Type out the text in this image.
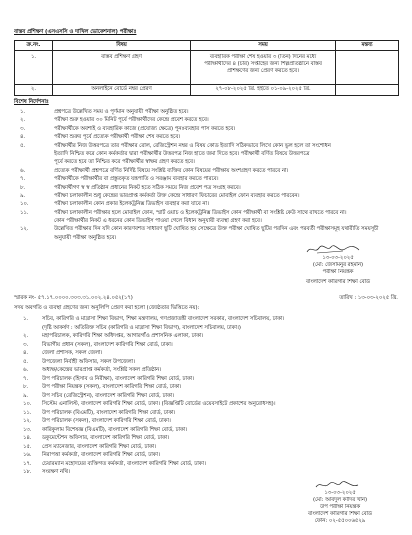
বাস্তব প্রশিক্ষণ (এসএসসি ও দাখিল ভোকেশনাল) পরীক্ষাঃ
ক্র.নং.	বিষয়	সময়	মন্তব্য
১.	বাস্তব প্রশিক্ষণ গ্রহণ	ব্যবহারিক পরীক্ষা শেষ হওয়ার ৩ (তিন) দিনের মধ্যে
পরীক্ষার্থীদের ৪ (চার) সপ্তাহের জন্য শিল্পপ্রতিষ্ঠানে বাস্তব
প্রশিক্ষণের জন্য প্রেরণ করতে হবে।	

২.	অনলাইনে বোর্ডে নম্বর প্রেরণ	২৭-০৮-২০২৫ খ্রি. হইতে ০১-০৯-২০২৫ খ্রি.	

বিশেষ নির্দেশনাঃ
১.	প্রশ্নপত্রে উল্লেখিত সময় ও পূর্ণমান অনুযায়ী পরীক্ষা অনুষ্ঠিত হবে।
২.	পরীক্ষা শুরু হওয়ার ৩০ মিনিট পূর্বে পরীক্ষার্থীদের কেন্দ্রে প্রবেশ করতে হবে।
৩.	পরীক্ষার্থীকে অবশ্যই ও ব্যবহারিক কাজে (প্রযোজ্য ক্ষেত্রে) পুনঃব্যবহার পাস করতে হবে।
৪.	পরীক্ষা শুরুর পূর্বে প্রত্যেক পরীক্ষার্থী পরীক্ষা শেষ করতে হবে।
৫.	পরীক্ষার্থীর নিজ উত্তরপত্রে তার পরীক্ষার রোল, রেজিস্ট্রেশন নম্বর ও বিষয় কোড ইত্যাদি সঠিকভাবে লিখে কোন ভুল হলে তা সংশোধন
ইত্যাদি নিশ্চিত করে কোন কর্মকর্তার দ্বারা পরীক্ষার্থীর উত্তরপত্র নিজ হাতে জমা দিতে হবে। পরীক্ষার্থী বর্ণিত বিষয়ে উত্তরপত্রে
পূর্বে করতে হবে তা নিশ্চিত করে পরীক্ষার্থীর স্বাক্ষর গ্রহণ করতে হবে।
৬.	প্রত্যেক পরীক্ষার্থী প্রশ্নপত্রে বর্ণিত নির্দিষ্ট বিষয়ে সংশ্লিষ্ট ব্যক্তির কোন বিষয়ের পরীক্ষায় অংশগ্রহণ করতে পারবে না।
৭.	পরীক্ষার্থীকে পরীক্ষার্থীর বা প্রস্তুতকৃত যন্ত্রপাতি ও সরঞ্জাম ব্যবহার করতে পারবে।
৮.	পরীক্ষার্থীগণ স্ব স্ব প্রতিষ্ঠান প্রধানের নিকট হতে সঠিক সময়ে নিজ প্রবেশ পত্র সংগ্রহ করবে।
৯.	পরীক্ষা চলাকালীন শুধু কেন্দ্রের ভারপ্রাপ্ত কর্মকর্তা উক্ত কেন্দ্রে সাধারণ ফিচারের মোবাইল ফোন ব্যবহার করতে পারবেন।
১০.	পরীক্ষা চলাকালীন কোন প্রকার ইলেকট্রনিক্স ডিভাইস ব্যবহার করা যাবে না।
১১.	পরীক্ষা চলাকালীন পরীক্ষার হলে মোবাইল ফোন, স্মার্ট ওয়াচ ও ইলেকট্রনিক্স ডিভাইস কোন পরীক্ষার্থী বা সংশ্লিষ্ট কেউ সাথে রাখতে পারবে না।
কোন পরীক্ষার্থীর নিকট এ ধরনের কোন ডিভাইস পাওয়া গেলে বিধান অনুযায়ী ব্যবস্থা গ্রহণ করা হবে।
১২.	উল্লেখিত পরীক্ষার দিন যদি কোন কারণবশত সাধারণ ছুটি ঘোষিত হয় সেক্ষেত্রে উক্ত পরীক্ষা ঘোষিত ছুটির পরদিন এবং পরবর্তী পরীক্ষাসমূহ যথারীতি সময়সূচী
অনুযায়ী পরীক্ষা অনুষ্ঠিত হবে।
১৩-০৩-২০২৫
(মো: জেসমিনুর রহমান)
পরীক্ষা নিয়ন্ত্রক
বাংলাদেশ কারিগরি শিক্ষা বোর্ড
স্মারক নং- ৫৭.১৭.০০০০.৩০৩.৩১.০০২.২৪.০৫২(১৭)	তারিখ : ১৩-০৩-২০২৫ খ্রি.
সদয় অবগতি ও ব্যবস্থা গ্রহণের জন্য অনুলিপি প্রেরণ করা হলো (জ্যেষ্ঠতার ভিত্তিতে নয়):
১.	সচিব, কারিগরি ও মাদ্রাসা শিক্ষা বিভাগ, শিক্ষা মন্ত্রণালয়, গণপ্রজাতন্ত্রী বাংলাদেশ সরকার, বাংলাদেশ সচিবালয়, ঢাকা।
(দৃষ্টি আকর্ষণ : অতিরিক্ত সচিব (কারিগরি ও মাদ্রাসা শিক্ষা বিভাগ), বাংলাদেশ সচিবালয়, ঢাকা।)
২.	মহাপরিচালক, কারিগরি শিক্ষা অধিদপ্তর, আগারগাঁও প্রশাসনিক এলাকা, ঢাকা।
৩.	বিভাগীয় প্রধান (সকল), বাংলাদেশ কারিগরি শিক্ষা বোর্ড, ঢাকা।
৪.	জেলা প্রশাসক, সকল জেলা।
৫.	উপজেলা নির্বাহী অফিসার, সকল উপজেলা।
৬.	অধ্যক্ষ/কেন্দ্রের ভারপ্রাপ্ত কর্মকর্তা, সংশ্লিষ্ট সকল প্রতিষ্ঠান।
৭.	উপ পরিচালক (হিসাব ও নিরীক্ষা), বাংলাদেশ কারিগরি শিক্ষা বোর্ড, ঢাকা।
৮.	উপ পরীক্ষা নিয়ন্ত্রক (সকল), বাংলাদেশ কারিগরি শিক্ষা বোর্ড, ঢাকা।
৯.	উপ সচিব (রেজিস্ট্রেশন), বাংলাদেশ কারিগরি শিক্ষা বোর্ড, ঢাকা।
১০.	সিস্টেম এনালিস্ট, বাংলাদেশ কারিগরি শিক্ষা বোর্ড, ঢাকা। (বিজ্ঞপ্তিটি বোর্ডের ওয়েবসাইটে প্রকাশের অনুরোধসহ)।
১১.	উপ পরিচালক (বিএমটি), বাংলাদেশ কারিগরি শিক্ষা বোর্ড, ঢাকা।
১২.	উপ পরিচালক (সকল), বাংলাদেশ কারিগরি শিক্ষা বোর্ড, ঢাকা।
১৩.	কারিকুলাম বিশেষজ্ঞ (বিএমটি), বাংলাদেশ কারিগরি শিক্ষা বোর্ড, ঢাকা।
১৪.	ডকুমেন্টেশন অফিসার, বাংলাদেশ কারিগরি শিক্ষা বোর্ড, ঢাকা।
১৫.	প্রেস ম্যানেজার, বাংলাদেশ কারিগরি শিক্ষা বোর্ড, ঢাকা।
১৬.	নিরাপত্তা কর্মকর্তা, বাংলাদেশ কারিগরি শিক্ষা বোর্ড, ঢাকা।
১৭.	চেয়ারম্যান মহোদয়ের ব্যক্তিগত কর্মকর্তা, বাংলাদেশ কারিগরি শিক্ষা বোর্ড, ঢাকা।
১৮.	সংরক্ষণ নথি।
১৩-০৩-২০২৫
(মো: আবদুল কাদির খান)
উপ পরীক্ষা নিয়ন্ত্রক
বাংলাদেশ কারিগরি শিক্ষা বোর্ড
ফোন: ০২-৫৫০০৬৫২৯
